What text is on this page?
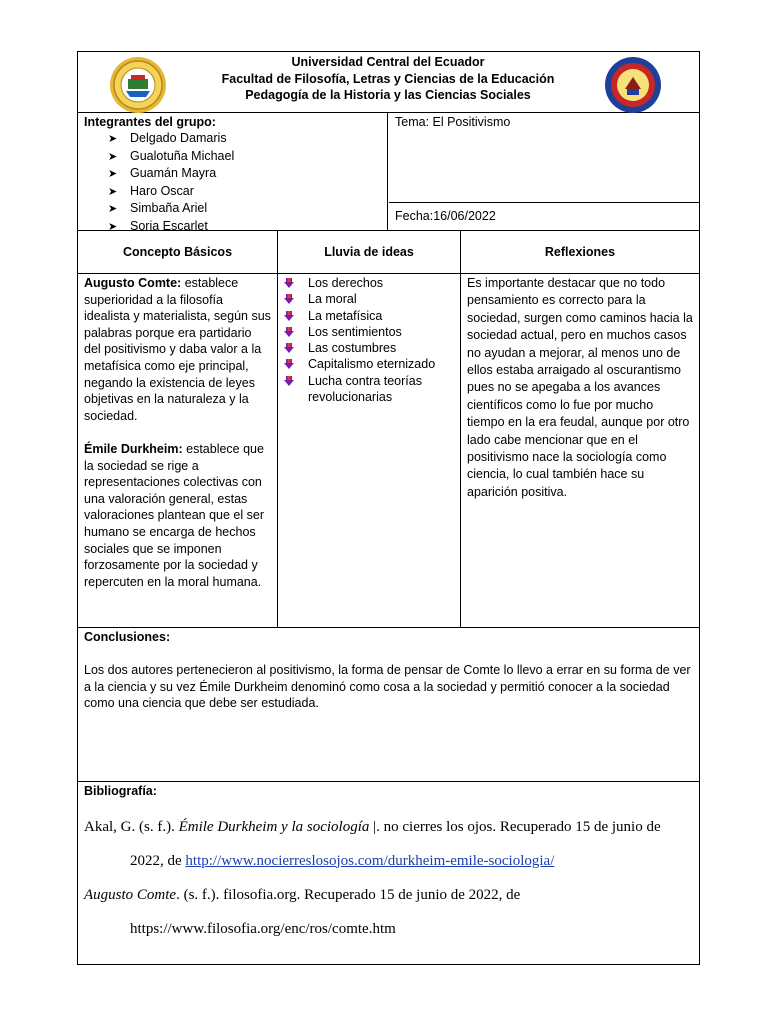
Universidad Central del Ecuador
Facultad de Filosofía, Letras y Ciencias de la Educación
Pedagogía de la Historia y las Ciencias Sociales
Integrantes del grupo:
➤ Delgado Damaris
➤ Gualotuña Michael
➤ Guamán Mayra
➤ Haro Oscar
➤ Simbaña Ariel
➤ Soria Escarlet
Tema: El Positivismo
Fecha:16/06/2022
Concepto Básicos	Lluvia de ideas	Reflexiones

Augusto Comte: establece superioridad a la filosofía idealista y materialista, según sus palabras porque era partidario del positivismo y daba valor a la metafísica como eje principal, negando la existencia de leyes objetivas en la naturaleza y la sociedad.

Émile Durkheim: establece que la sociedad se rige a representaciones colectivas con una valoración general, estas valoraciones plantean que el ser humano se encarga de hechos sociales que se imponen forzosamente por la sociedad y repercuten en la moral humana.

Los derechos
La moral
La metafísica
Los sentimientos
Las costumbres
Capitalismo eternizado
Lucha contra teorías revolucionarias
Es importante destacar que no todo pensamiento es correcto para la sociedad, surgen como caminos hacia la sociedad actual, pero en muchos casos no ayudan a mejorar, al menos uno de ellos estaba arraigado al oscurantismo pues no se apegaba a los avances científicos como lo fue por mucho tiempo en la era feudal, aunque por otro lado cabe mencionar que en el positivismo nace la sociología como ciencia, lo cual también hace su aparición positiva.
Conclusiones:
Los dos autores pertenecieron al positivismo, la forma de pensar de Comte lo llevo a errar en su forma de ver a la ciencia y su vez Émile Durkheim denominó como cosa a la sociedad y permitió conocer a la sociedad como una ciencia que debe ser estudiada.
Bibliografía:
Akal, G. (s. f.). Émile Durkheim y la sociología |. no cierres los ojos. Recuperado 15 de junio de
2022, de http://www.nocierreslosojos.com/durkheim-emile-sociologia/
Augusto Comte. (s. f.). filosofia.org. Recuperado 15 de junio de 2022, de
https://www.filosofia.org/enc/ros/comte.htm
